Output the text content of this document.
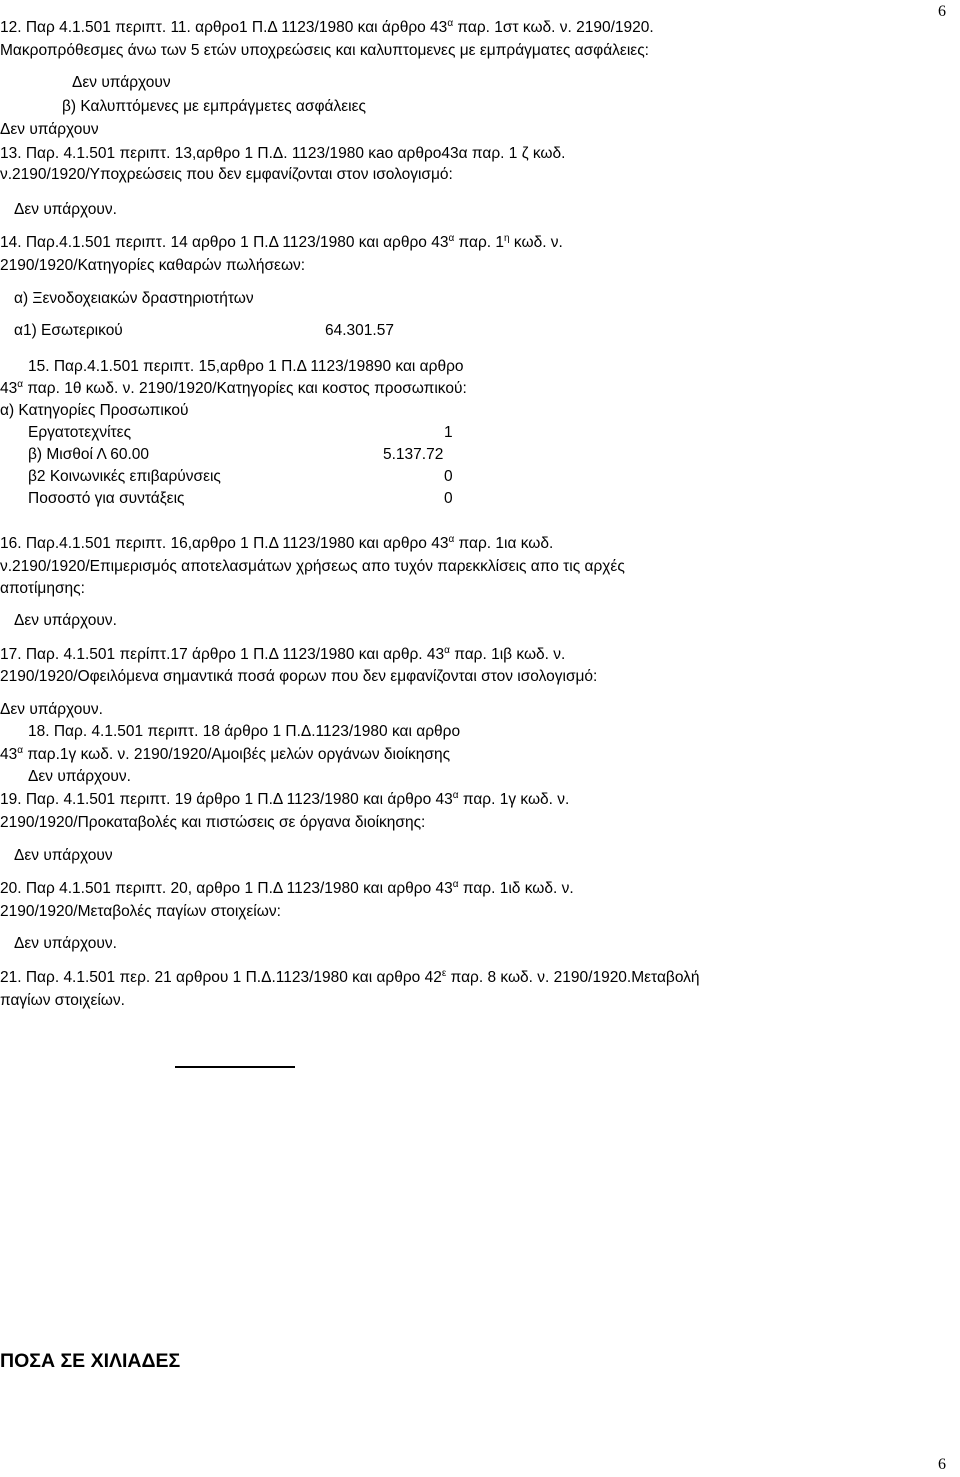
6
12. Παρ 4.1.501 περιπτ. 11. αρθρο1 Π.Δ 1123/1980 και άρθρο $43^\alpha$ παρ. 1στ κωδ. ν. 2190/1920.
Μακροπρόθεσμες άνω των 5 ετών υποχρεώσεις και καλυπτομενες με εμπράγματες ασφάλειες:
Δεν υπάρχουν
β) Καλυπτόμενες με εμπράγμετες ασφάλειες
Δεν υπάρχουν
13. Παρ. 4.1.501 περιπτ. 13,αρθρο 1 Π.Δ. 1123/1980 κao αρθρο43α παρ. 1 ζ κωδ.
ν.2190/1920/Υποχρεώσεις που δεν εμφανίζονται στον ισολογισμό:
Δεν υπάρχουν.
14. Παρ.4.1.501 περιπτ. 14 αρθρο 1 Π.Δ 1123/1980 και αρθρο $43^\alpha$ παρ. $1^\eta$ κωδ. ν.
2190/1920/Κατηγορίες καθαρών πωλήσεων:
α) Ξενοδοχειακών δραστηριοτήτων
α1) Εσωτερικού	64.301.57
15. Παρ.4.1.501 περιπτ. 15,αρθρο 1 Π.Δ 1123/19890 και αρθρο
$43^\alpha$ παρ. 1θ κωδ. ν. 2190/1920/Κατηγορίες και κοστος προσωπικού:
α) Κατηγορίες Προσωπικού
Εργατοτεχνίτες	1
β) Μισθοί Λ 60.00	5.137.72
β2 Κοινωνικές επιβαρύνσεις	0
Ποσοστό για συντάξεις	0
16. Παρ.4.1.501 περιπτ. 16,αρθρο 1 Π.Δ 1123/1980 και αρθρο $43^\alpha$ παρ. 1ια κωδ.
ν.2190/1920/Επιμερισμός αποτελασμάτων χρήσεως απο τυχόν παρεκκλίσεις απο τις αρχές
αποτίμησης:
Δεν υπάρχουν.
17. Παρ. 4.1.501 περίπτ.17 άρθρο 1 Π.Δ 1123/1980 και αρθρ. $43^\alpha$ παρ. 1ιβ κωδ. ν.
2190/1920/Οφειλόμενα σημαντικά ποσά φορων που δεν εμφανίζονται στον ισολογισμό:
Δεν υπάρχουν.
18. Παρ. 4.1.501 περιπτ. 18 άρθρο 1 Π.Δ.1123/1980 και αρθρο
$43^\alpha$ παρ.1γ κωδ. ν. 2190/1920/Αμοιβές μελών οργάνων διοίκησης
Δεν υπάρχουν.
19. Παρ. 4.1.501 περιπτ. 19 άρθρο 1 Π.Δ 1123/1980 και άρθρο $43^\alpha$ παρ. 1γ κωδ. ν.
2190/1920/Προκαταβολές και πιστώσεις σε όργανα διοίκησης:
Δεν υπάρχουν
20. Παρ 4.1.501 περιπτ. 20, αρθρο 1 Π.Δ 1123/1980 και αρθρο $43^\alpha$ παρ. 1ιδ κωδ. ν.
2190/1920/Μεταβολές παγίων στοιχείων:
Δεν υπάρχουν.
21. Παρ. 4.1.501 περ. 21 αρθρου 1 Π.Δ.1123/1980 και αρθρο $42^\varepsilon$ παρ. 8 κωδ. ν. 2190/1920.Μεταβολή
παγίων στοιχείων.
ΠΟΣΑ ΣΕ ΧΙΛΙΑΔΕΣ
6
